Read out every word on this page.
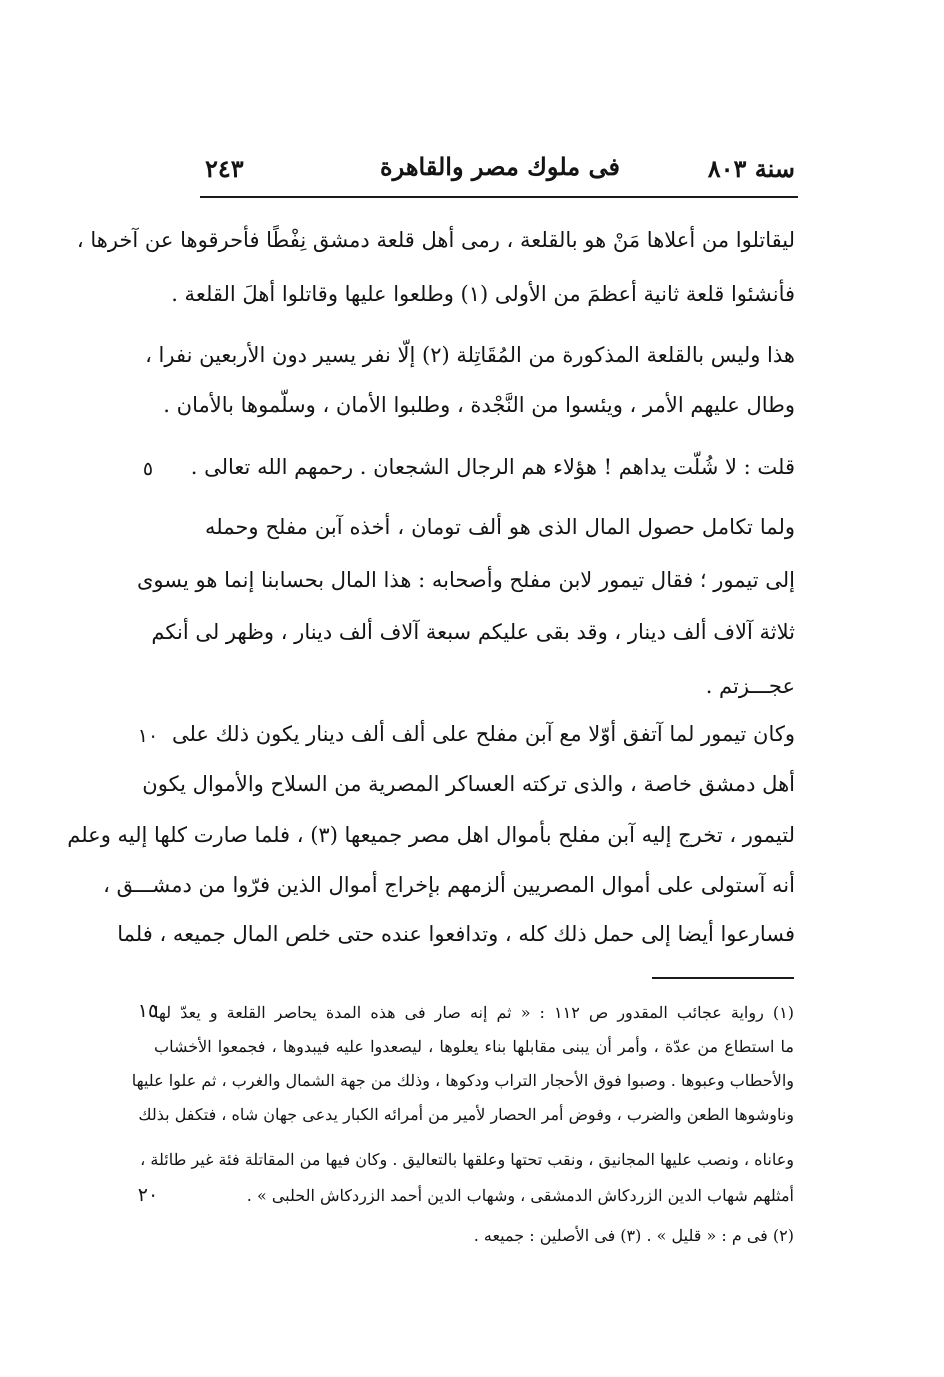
سنة ٨٠٣
فى ملوك مصر والقاهرة
٢٤٣
ليقاتلوا من أعلاها مَنْ هو بالقلعة ، رمى أهل قلعة دمشق نِفْطًا فأحرقوها عن آخرها ،
فأنشئوا قلعة ثانية أعظمَ من الأولى (١) وطلعوا عليها وقاتلوا أهلَ القلعة .
هذا وليس بالقلعة المذكورة من المُقَاتِلة (٢) إلّا نفر يسير دون الأربعين نفرا ،
وطال عليهم الأمر ، ويئسوا من النَّجْدة ، وطلبوا الأمان ، وسلّموها بالأمان .
قلت : لا شُلّت يداهم ! هؤلاء هم الرجال الشجعان . رحمهم الله تعالى .
ولما تكامل حصول المال الذى هو ألف تومان ، أخذه آبن مفلح وحمله
إلى تيمور ؛ فقال تيمور لابن مفلح وأصحابه : هذا المال بحسابنا إنما هو يسوى
ثلاثة آلاف ألف دينار ، وقد بقى عليكم سبعة آلاف ألف دينار ، وظهر لى أنكم
عجـــزتم .
وكان تيمور لما آتفق أوّلا مع آبن مفلح على ألف ألف دينار يكون ذلك على
أهل دمشق خاصة ، والذى تركته العساكر المصرية من السلاح والأموال يكون
لتيمور ، تخرج إليه آبن مفلح بأموال اهل مصر جميعها (٣) ، فلما صارت كلها إليه وعلم
أنه آستولى على أموال المصريين ألزمهم بإخراج أموال الذين فرّوا من دمشـــق ،
فسارعوا أيضا إلى حمل ذلك كله ، وتدافعوا عنده حتى خلص المال جميعه ، فلما
٥
١٠
١٥
٢٠
(١) رواية عجائب المقدور ص ١١٢ : « ثم إنه صار فى هذه المدة يحاصر القلعة و يعدّ لها
ما استطاع من عدّة ، وأمر أن يبنى مقابلها بناء يعلوها ، ليصعدوا عليه فيبدوها ، فجمعوا الأخشاب
والأحطاب وعبوها . وصبوا فوق الأحجار التراب ودكوها ، وذلك من جهة الشمال والغرب ، ثم علوا عليها
وناوشوها الطعن والضرب ، وفوض أمر الحصار لأمير من أمرائه الكبار يدعى جهان شاه ، فتكفل بذلك
وعاناه ، ونصب عليها المجانيق ، ونقب تحتها وعلقها بالتعاليق . وكان فيها من المقاتلة فئة غير طائلة ،
أمثلهم شهاب الدين الزردكاش الدمشقى ، وشهاب الدين أحمد الزردكاش الحلبى » .
(٢) فى م : « قليل » . (٣) فى الأصلين : جميعه .
